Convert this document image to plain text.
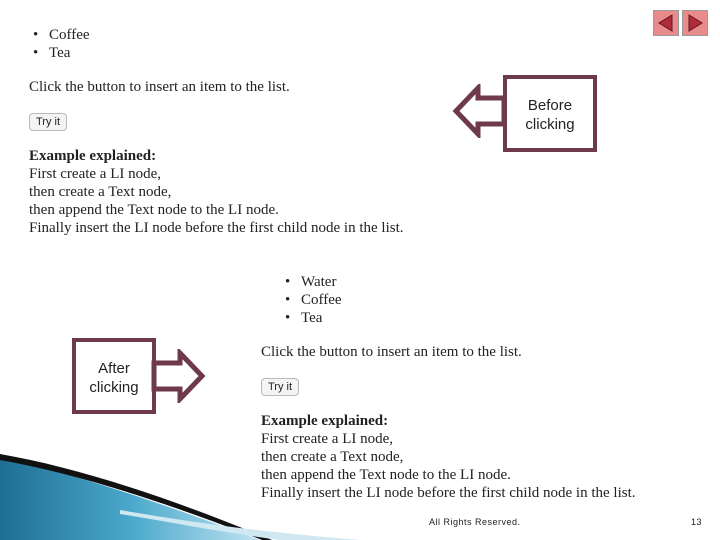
• Coffee
• Tea
Click the button to insert an item to the list.
Try it
Example explained:
First create a LI node,
then create a Text node,
then append the Text node to the LI node.
Finally insert the LI node before the first child node in the list.
Before
clicking
• Water
• Coffee
• Tea
Click the button to insert an item to the list.
Try it
Example explained:
First create a LI node,
then create a Text node,
then append the Text node to the LI node.
Finally insert the LI node before the first child node in the list.
After
clicking
All Rights Reserved.	13
